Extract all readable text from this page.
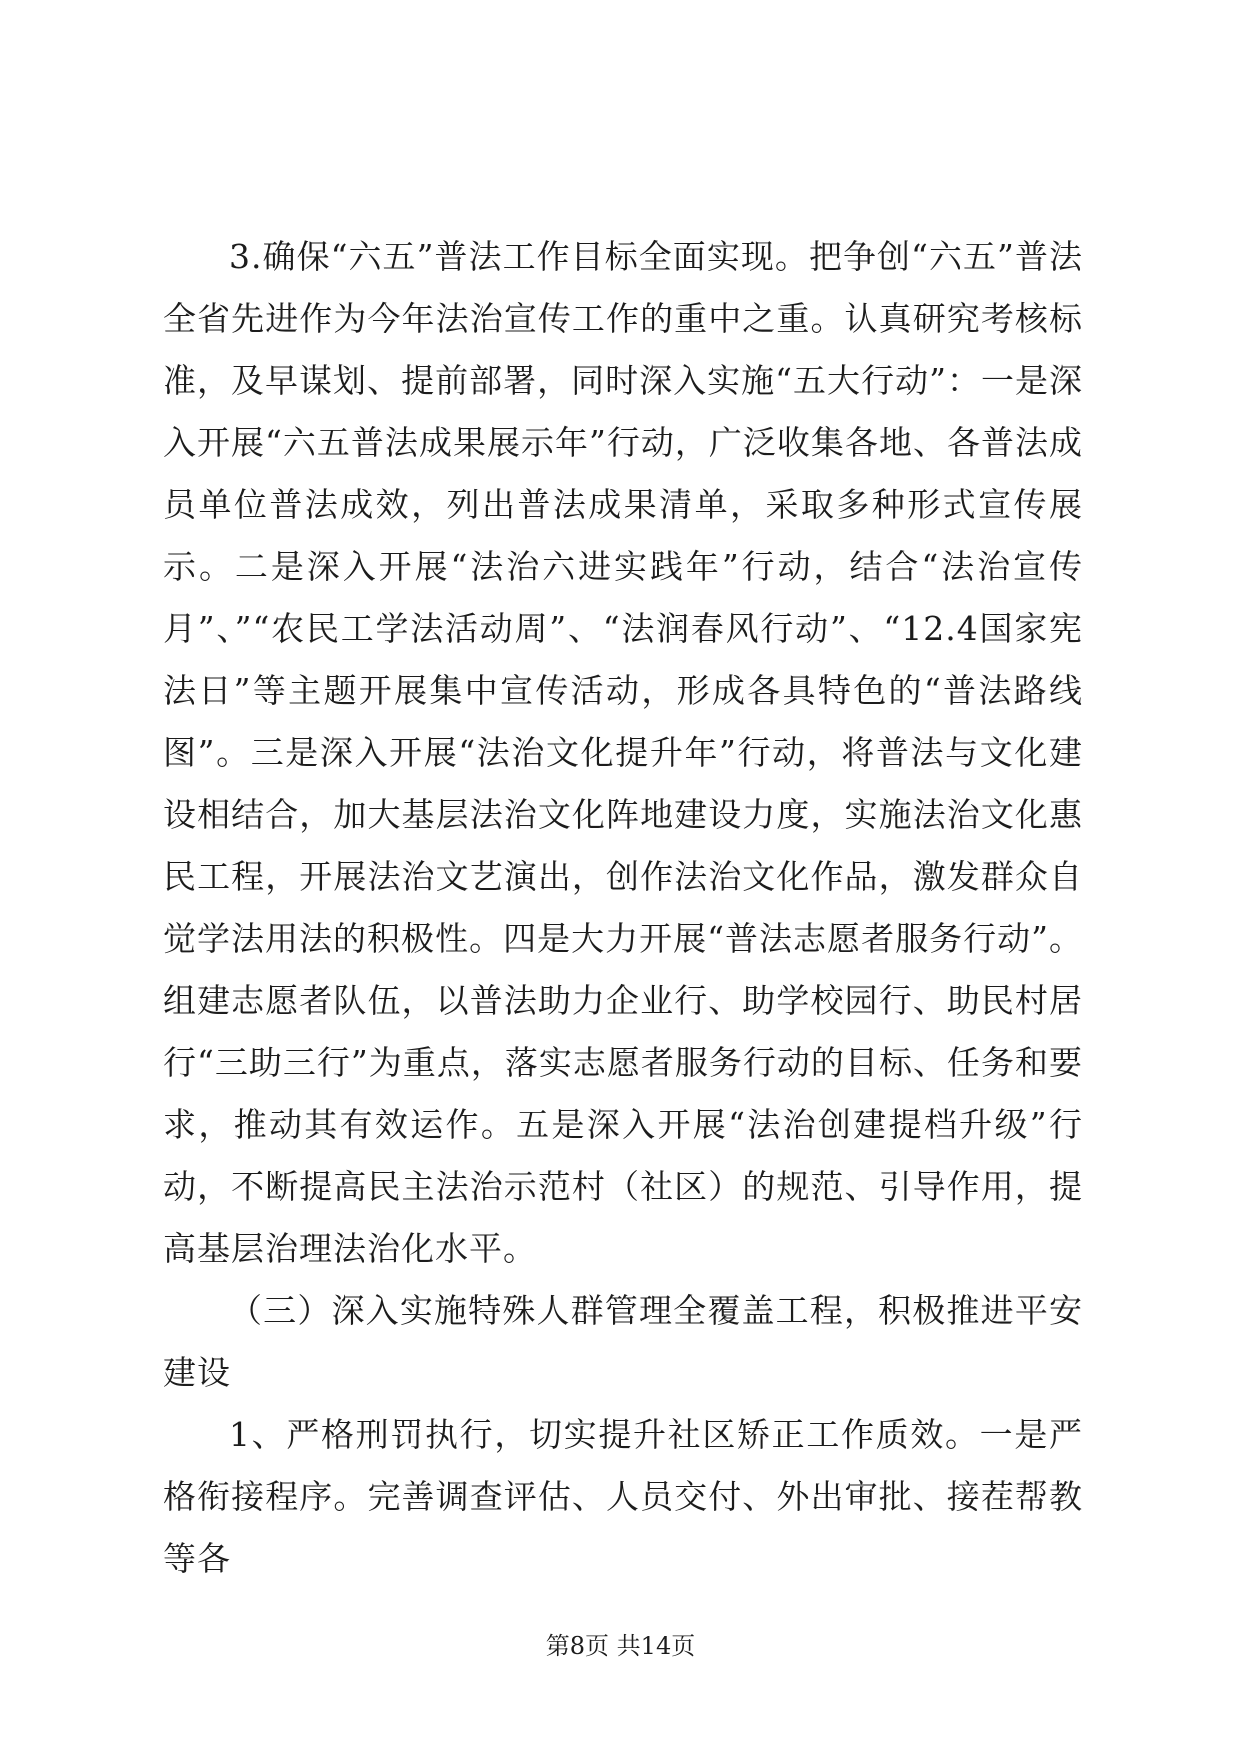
3.确保“六五”普法工作目标全面实现。把争创“六五”普法全省先进作为今年法治宣传工作的重中之重。认真研究考核标准，及早谋划、提前部署，同时深入实施“五大行动”：一是深入开展“六五普法成果展示年”行动，广泛收集各地、各普法成员单位普法成效，列出普法成果清单，采取多种形式宣传展示。二是深入开展“法治六进实践年”行动，结合“法治宣传月”、”“农民工学法活动周”、“法润春风行动”、“12.4国家宪法日”等主题开展集中宣传活动，形成各具特色的“普法路线图”。三是深入开展“法治文化提升年”行动，将普法与文化建设相结合，加大基层法治文化阵地建设力度，实施法治文化惠民工程，开展法治文艺演出，创作法治文化作品，激发群众自觉学法用法的积极性。四是大力开展“普法志愿者服务行动”。组建志愿者队伍，以普法助力企业行、助学校园行、助民村居行“三助三行”为重点，落实志愿者服务行动的目标、任务和要求，推动其有效运作。五是深入开展“法治创建提档升级”行动，不断提高民主法治示范村（社区）的规范、引导作用，提高基层治理法治化水平。

（三）深入实施特殊人群管理全覆盖工程，积极推进平安建设

1、严格刑罚执行，切实提升社区矫正工作质效。一是严格衔接程序。完善调查评估、人员交付、外出审批、接茬帮教等各

第8页 共14页
